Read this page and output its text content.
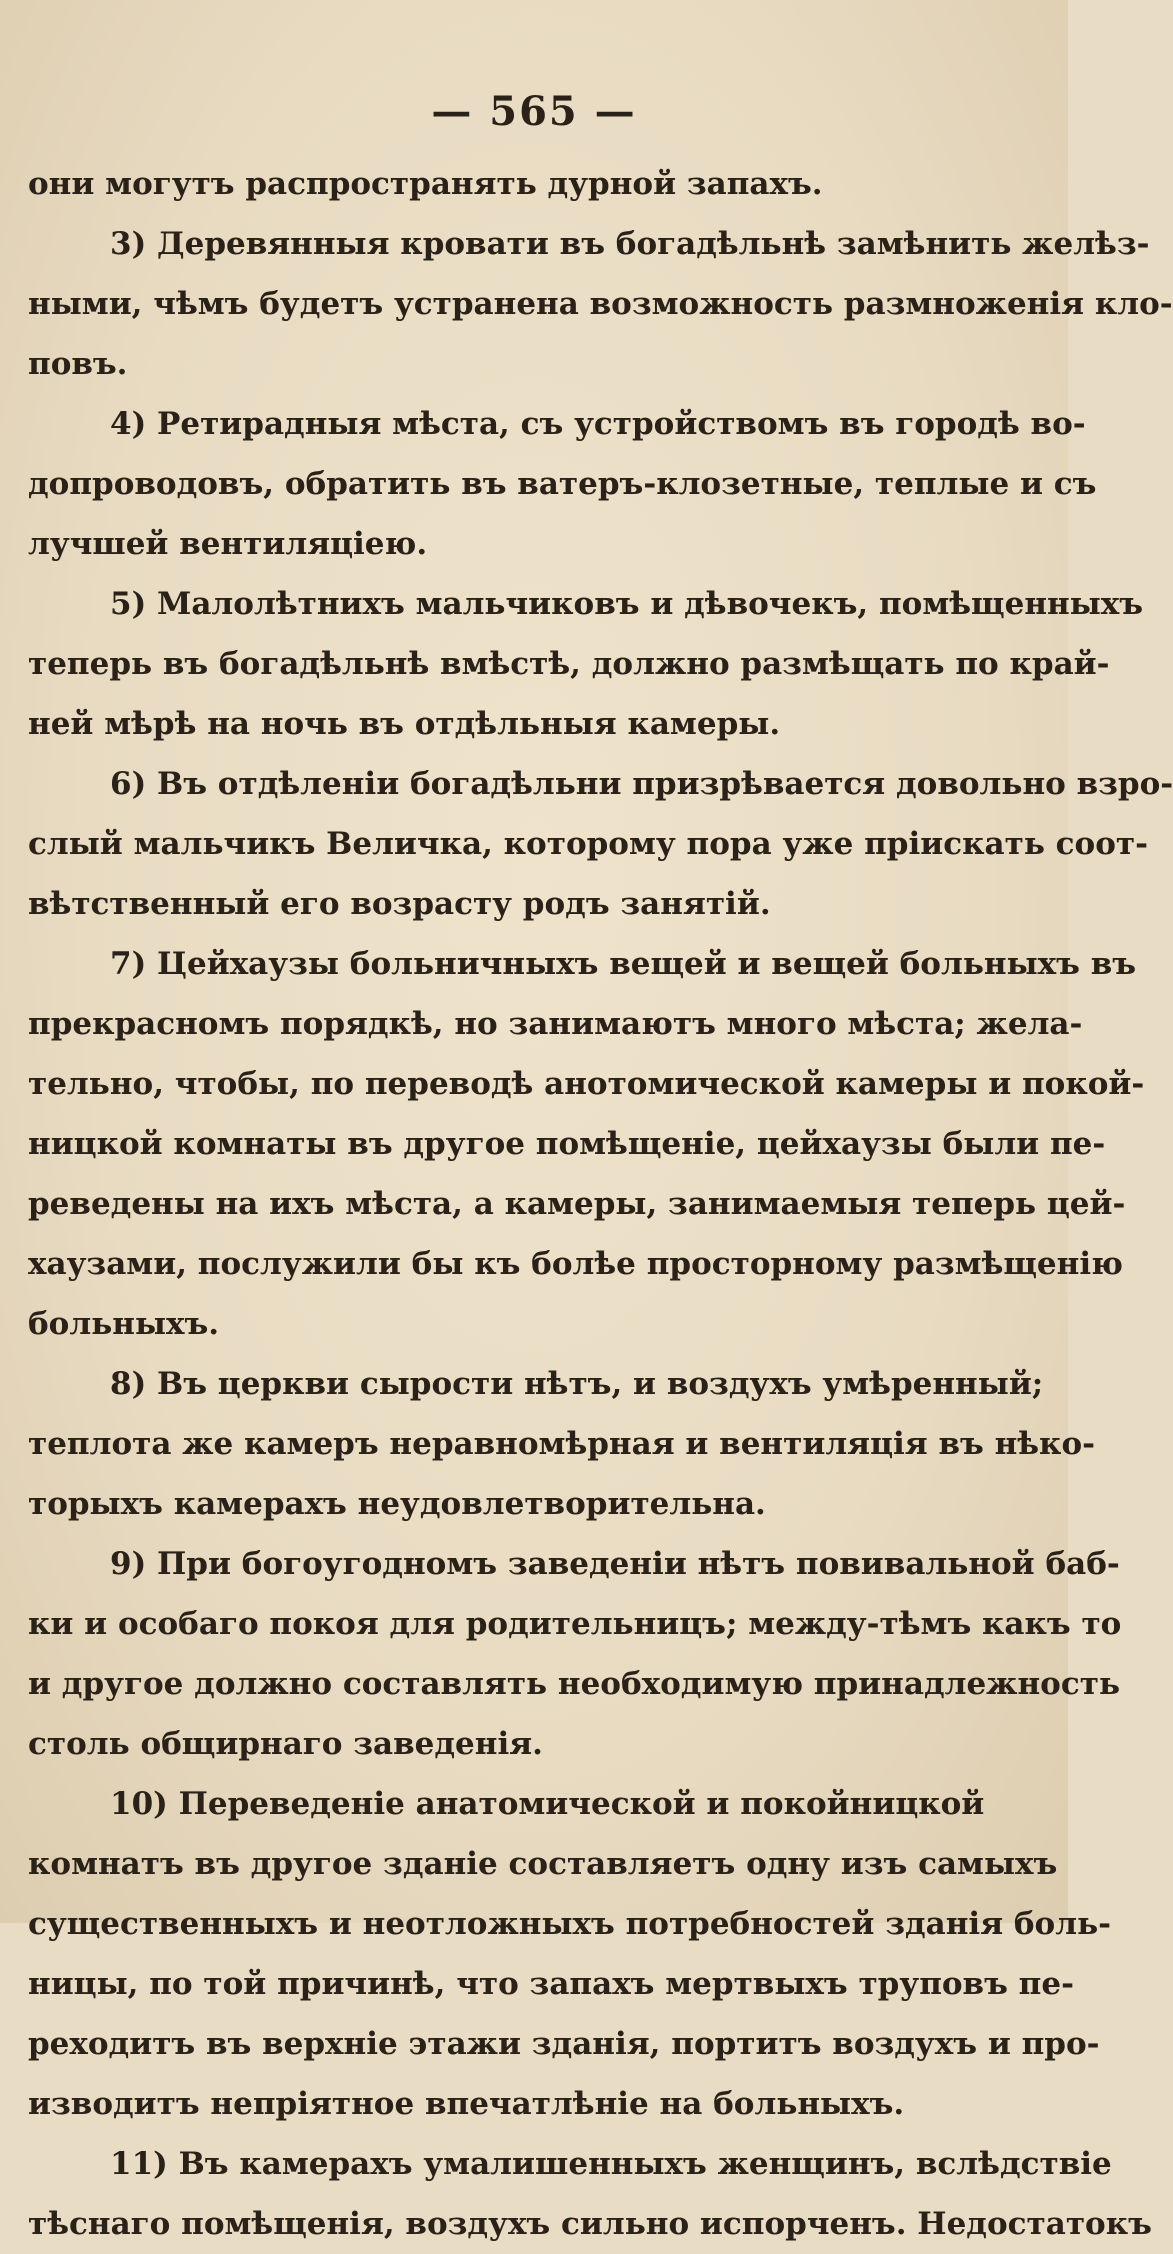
— 565 —
они могутъ распространять дурной запахъ.
3) Деревянныя кровати въ богадѣльнѣ замѣнить желѣз-
ными, чѣмъ будетъ устранена возможность размноженія кло-
повъ.
4) Ретирадныя мѣста, съ устройствомъ въ городѣ во-
допроводовъ, обратить въ ватеръ-клозетные, теплые и съ
лучшей вентиляціею.
5) Малолѣтнихъ мальчиковъ и дѣвочекъ, помѣщенныхъ
теперь въ богадѣльнѣ вмѣстѣ, должно размѣщать по край-
ней мѣрѣ на ночь въ отдѣльныя камеры.
6) Въ отдѣленіи богадѣльни призрѣвается довольно взро-
слый мальчикъ Величка, которому пора уже пріискать соот-
вѣтственный его возрасту родъ занятій.
7) Цейхаузы больничныхъ вещей и вещей больныхъ въ
прекрасномъ порядкѣ, но занимаютъ много мѣста; жела-
тельно, чтобы, по переводѣ анотомической камеры и покой-
ницкой комнаты въ другое помѣщеніе, цейхаузы были пе-
реведены на ихъ мѣста, а камеры, занимаемыя теперь цей-
хаузами, послужили бы къ болѣе просторному размѣщенію
больныхъ.
8) Въ церкви сырости нѣтъ, и воздухъ умѣренный;
теплота же камеръ неравномѣрная и вентиляція въ нѣко-
торыхъ камерахъ неудовлетворительна.
9) При богоугодномъ заведеніи нѣтъ повивальной баб-
ки и особаго покоя для родительницъ; между-тѣмъ какъ то
и другое должно составлять необходимую принадлежность
столь общирнаго заведенія.
10) Переведеніе анатомической и покойницкой
комнатъ въ другое зданіе составляетъ одну изъ самыхъ
существенныхъ и неотложныхъ потребностей зданія боль-
ницы, по той причинѣ, что запахъ мертвыхъ труповъ пе-
реходитъ въ верхніе этажи зданія, портитъ воздухъ и про-
изводитъ непріятное впечатлѣніе на больныхъ.
11) Въ камерахъ умалишенныхъ женщинъ, вслѣдствіе
тѣснаго помѣщенія, воздухъ сильно испорченъ. Недостатокъ
